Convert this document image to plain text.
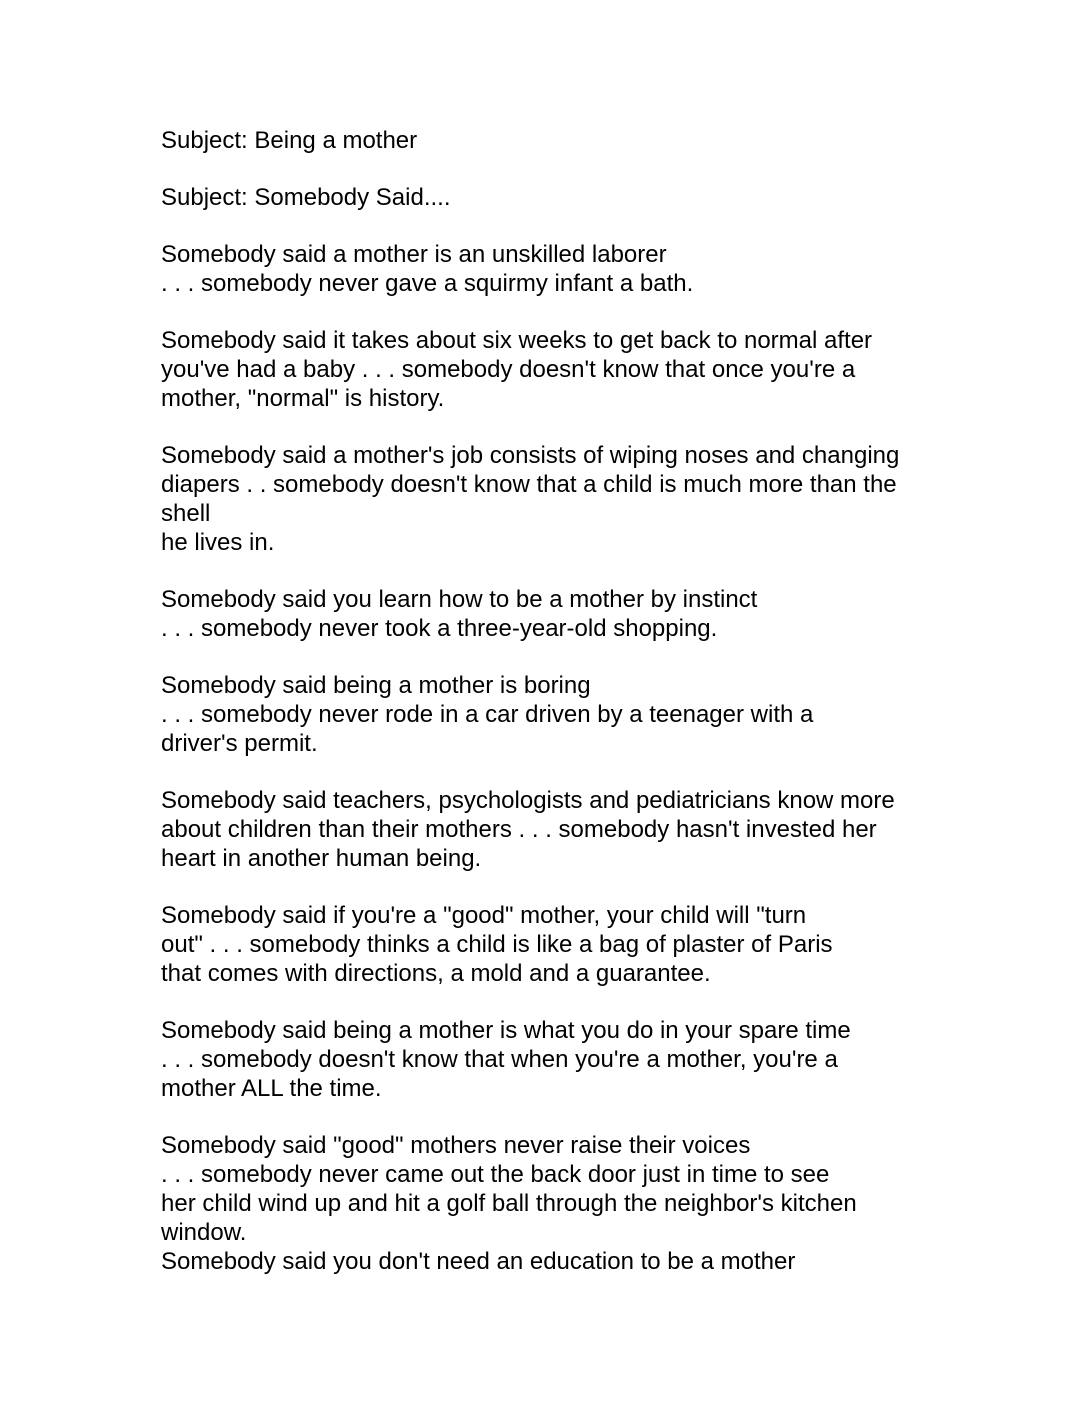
Subject: Being a mother
Subject: Somebody Said....
Somebody said a mother is an unskilled laborer
. . . somebody never gave a squirmy infant a bath.
Somebody said it takes about six weeks to get back to normal after
you've had a baby . . . somebody doesn't know that once you're a
mother, "normal" is history.
Somebody said a mother's job consists of wiping noses and changing
diapers . . somebody doesn't know that a child is much more than the
shell
he lives in.
Somebody said you learn how to be a mother by instinct
. . . somebody never took a three-year-old shopping.
Somebody said being a mother is boring
. . . somebody never rode in a car driven by a teenager with a
driver's permit.
Somebody said teachers, psychologists and pediatricians know more
about children than their mothers . . . somebody hasn't invested her
heart in another human being.
Somebody said if you're a "good" mother, your child will "turn
out" . . . somebody thinks a child is like a bag of plaster of Paris
that comes with directions, a mold and a guarantee.
Somebody said being a mother is what you do in your spare time
. . . somebody doesn't know that when you're a mother, you're a
mother ALL the time.
Somebody said "good" mothers never raise their voices
. . . somebody never came out the back door just in time to see
her child wind up and hit a golf ball through the neighbor's kitchen
window.
Somebody said you don't need an education to be a mother
